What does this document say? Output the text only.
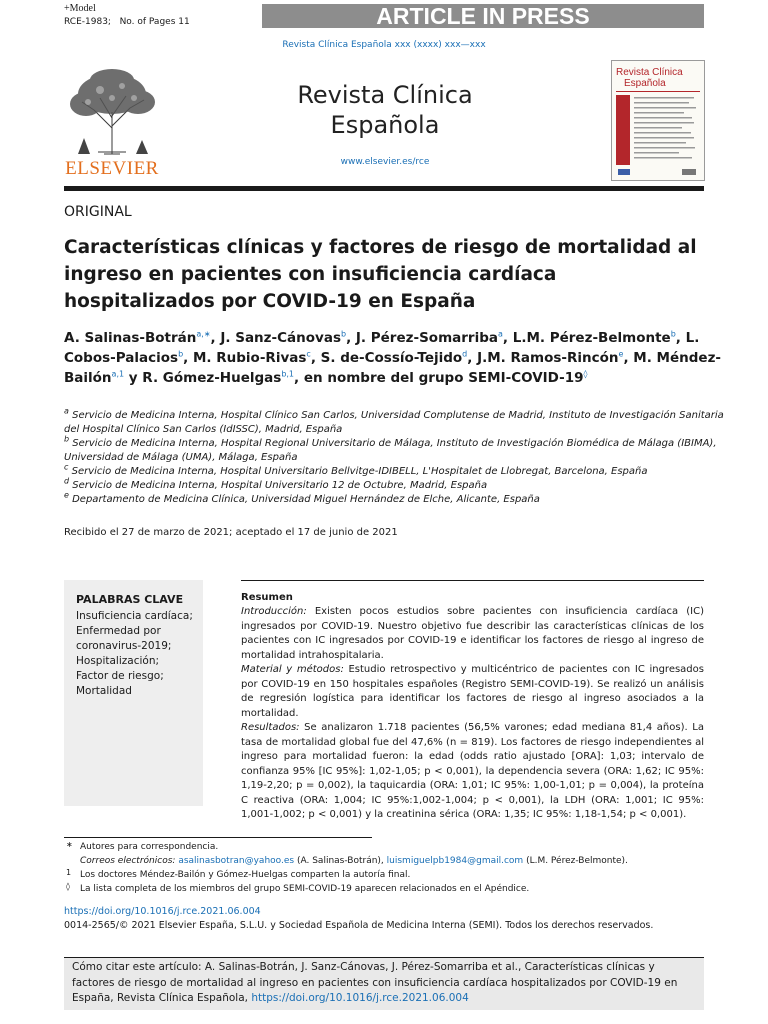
+Model
RCE-1983; No. of Pages 11	ARTICLE IN PRESS
Revista Clínica Española xxx (xxxx) xxx—xxx
ELSEVIER
Revista Clínica
Española
www.elsevier.es/rce
Revista Clínica
Española
ORIGINAL
Características clínicas y factores de riesgo de mortalidad al ingreso en pacientes con insuficiencia cardíaca hospitalizados por COVID-19 en España
A. Salinas-Botrán$^{a,∗}$, J. Sanz-Cánovas$^b$, J. Pérez-Somarriba$^a$, L.M. Pérez-Belmonte$^b$, L. Cobos-Palacios$^b$, M. Rubio-Rivas$^c$, S. de-Cossío-Tejido$^d$, J.M. Ramos-Rincón$^e$, M. Méndez-Bailón$^{a,1}$ y R. Gómez-Huelgas$^{b,1}$, en nombre del grupo SEMI-COVID-19◊

$^a$ Servicio de Medicina Interna, Hospital Clínico San Carlos, Universidad Complutense de Madrid, Instituto de Investigación Sanitaria del Hospital Clínico San Carlos (IdISSC), Madrid, España

$^b$ Servicio de Medicina Interna, Hospital Regional Universitario de Málaga, Instituto de Investigación Biomédica de Málaga (IBIMA), Universidad de Málaga (UMA), Málaga, España

$^c$ Servicio de Medicina Interna, Hospital Universitario Bellvitge-IDIBELL, L'Hospitalet de Llobregat, Barcelona, España

$^d$ Servicio de Medicina Interna, Hospital Universitario 12 de Octubre, Madrid, España

$^e$ Departamento de Medicina Clínica, Universidad Miguel Hernández de Elche, Alicante, España

Recibido el 27 de marzo de 2021; aceptado el 17 de junio de 2021
PALABRAS CLAVE
Insuficiencia cardíaca;
Enfermedad por coronavirus-2019;
Hospitalización;
Factor de riesgo;
Mortalidad
Resumen

Introducción: Existen pocos estudios sobre pacientes con insuficiencia cardíaca (IC) ingresados por COVID-19. Nuestro objetivo fue describir las características clínicas de los pacientes con IC ingresados por COVID-19 e identificar los factores de riesgo al ingreso de mortalidad intrahospitalaria.

Material y métodos: Estudio retrospectivo y multicéntrico de pacientes con IC ingresados por COVID-19 en 150 hospitales españoles (Registro SEMI-COVID-19). Se realizó un análisis de regresión logística para identificar los factores de riesgo al ingreso asociados a la mortalidad.

Resultados: Se analizaron 1.718 pacientes (56,5% varones; edad mediana 81,4 años). La tasa de mortalidad global fue del 47,6% (n = 819). Los factores de riesgo independientes al ingreso para mortalidad fueron: la edad (odds ratio ajustado [ORA]: 1,03; intervalo de confianza 95% [IC 95%]: 1,02-1,05; p < 0,001), la dependencia severa (ORA: 1,62; IC 95%: 1,19-2,20; p = 0,002), la taquicardia (ORA: 1,01; IC 95%: 1,00-1,01; p = 0,004), la proteína C reactiva (ORA: 1,004; IC 95%:1,002-1,004; p < 0,001), la LDH (ORA: 1,001; IC 95%: 1,001-1,002; p < 0,001) y la creatinina sérica (ORA: 1,35; IC 95%: 1,18-1,54; p < 0,001).

∗ Autores para correspondencia.
Correos electrónicos: asalinasbotran@yahoo.es (A. Salinas-Botrán), luismiguelpb1984@gmail.com (L.M. Pérez-Belmonte).
1 Los doctores Méndez-Bailón y Gómez-Huelgas comparten la autoría final.
◊ La lista completa de los miembros del grupo SEMI-COVID-19 aparecen relacionados en el Apéndice.
https://doi.org/10.1016/j.rce.2021.06.004
0014-2565/© 2021 Elsevier España, S.L.U. y Sociedad Española de Medicina Interna (SEMI). Todos los derechos reservados.
Cómo citar este artículo: A. Salinas-Botrán, J. Sanz-Cánovas, J. Pérez-Somarriba et al., Características clínicas y factores de riesgo de mortalidad al ingreso en pacientes con insuficiencia cardíaca hospitalizados por COVID-19 en España, Revista Clínica Española, https://doi.org/10.1016/j.rce.2021.06.004
